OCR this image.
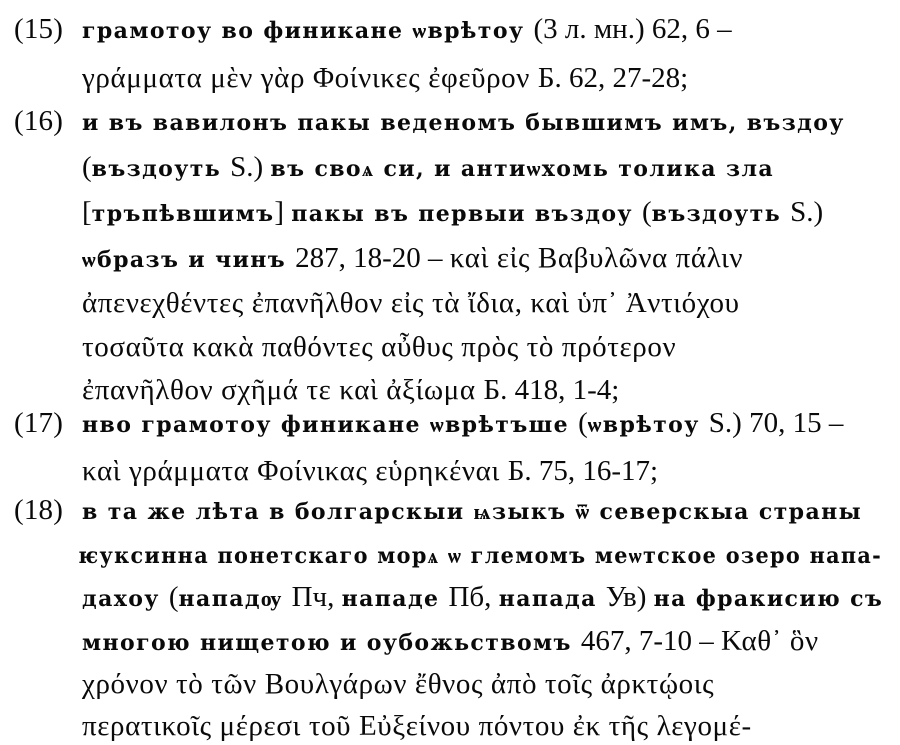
(15) грамотоу во финикане ѡврѣтоу (3 л. мн.) 62, 6 –
γράμματα μὲν γὰρ Φοίνικες ἐφεῦρον Б. 62, 27-28;
(16) и въ вавилонъ пакы веденомъ бывшимъ имъ, въздоу
(въздоуть S.) въ своѧ си, и антиѡхомь толика зла
[тръпѣвшимъ] пакы въ первыи въздоу (въздоуть S.)
ѡбразъ и чинъ 287, 18-20 – καὶ εἰς Βαβυλῶνα πάλιν
ἀπενεχθέντες ἐπανῆλθον εἰς τὰ ἴδια, καὶ ὑπ᾽ Ἀντιόχου
τοσαῦτα κακὰ παθόντες αὖθυς πρὸς τὸ πρότερον
ἐπανῆλθον σχῆμά τε καὶ ἀξίωμα Б. 418, 1-4;
(17) нво грамотоу финикане ѡврѣтъше (ѡврѣтоу S.) 70, 15 –
καὶ γράμματα Φοίνικας εὑρηκέναι Б. 75, 16-17;
(18) в та же лѣта в болгарскыи ѩзыкъ ѿ северскыа страны
ѥуксинна понетскаго морѧ ѡ глемомъ меѡтское озеро напа-
дахоу (нападѹ Пч, нападе Пб, напада Ув) на фракисию съ
многою нищетою и оубожьствомъ 467, 7-10 – Καθ᾽ ὃν
χρόνον τὸ τῶν Βουλγάρων ἔθνος ἀπὸ τοῖς ἀρκτῴοις
περατικοῖς μέρεσι τοῦ Εὐξείνου πόντου ἐκ τῆς λεγομέ-
